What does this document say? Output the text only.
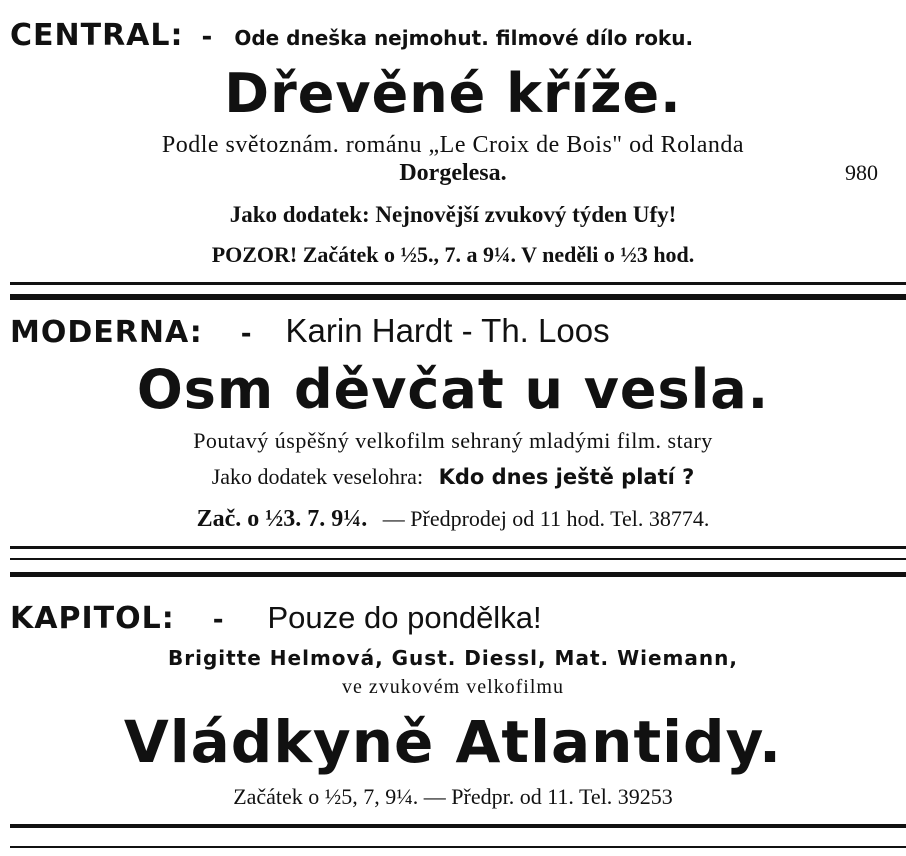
CENTRAL: - Ode dneška nejmohut. filmové dílo roku.
Dřevěné kříže.
Podle světoznám. románu „Le Croix de Bois" od Rolanda
Dorgelesa.	980
Jako dodatek: Nejnovější zvukový týden Ufy!
POZOR! Začátek o ½5., 7. a 9¼. V neděli o ½3 hod.
MODERNA: - Karin Hardt - Th. Loos
Osm děvčat u vesla.
Poutavý úspěšný velkofilm sehraný mladými film. stary
Jako dodatek veselohra: Kdo dnes ještě platí ?
Zač. o ½3. 7. 9¼. — Předprodej od 11 hod. Tel. 38774.
KAPITOL: - Pouze do pondělka!
Brigitte Helmová, Gust. Diessl, Mat. Wiemann,
ve zvukovém velkofilmu
Vládkyně Atlantidy.
Začátek o ½5, 7, 9¼. — Předpr. od 11. Tel. 39253
